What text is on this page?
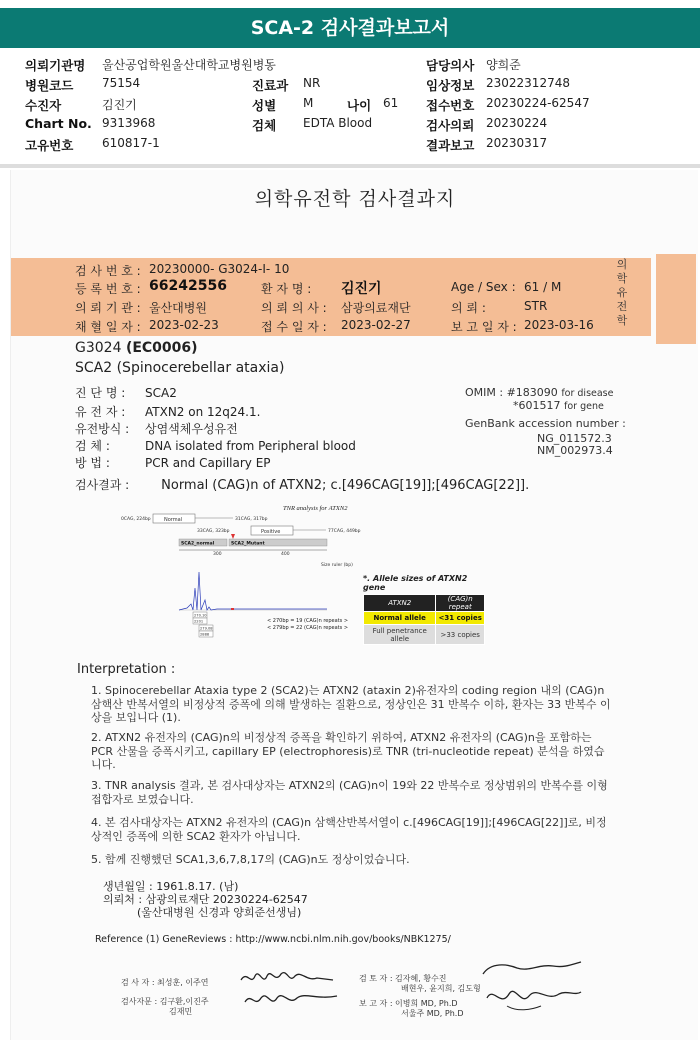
SCA-2 검사결과보고서
의뢰기관명 울산공업학원울산대학교병원병동	담당의사 양희준
병원코드 75154	진료과 NR	임상정보 23022312748
수진자	김진기	성별 M	나이 61 접수번호 20230224-62547
Chart No. 9313968	검체 EDTA Blood	검사의뢰 20230224
고유번호 610817-1	결과보고 20230317
의학유전학 검사결과지
검 사 번 호 : 20230000- G3024-I- 10
등 록 번 호 : 66242556	환 자 명 : 김진기	Age / Sex : 61 / M
의 뢰 기 관 : 울산대병원	의 뢰 의 사 : 삼광의료재단	의 뢰 :	STR
채 혈 일 자 : 2023-02-23	접 수 일 자 : 2023-02-27	보 고 일 자 : 2023-03-16
의
학
유
전
학
G3024 (EC0006)
SCA2 (Spinocerebellar ataxia)
진 단 명 : SCA2
유 전 자 : ATXN2 on 12q24.1.
유전방식 : 상염색체우성유전
검 체 :	DNA isolated from Peripheral blood
방 법 :	PCR and Capillary EP
OMIM : #183090 for disease
*601517 for gene
GenBank accession number :
NG_011572.3
NM_002973.4
검사결과 : Normal (CAG)n of ATXN2; c.[496CAG[19]];[496CAG[22]].
TNR analysis for ATXN2
0CAG, 224bp	Normal	31CAG, 317bp
33CAG, 323bp	Positive	77CAG, 449bp
SCA2_normal	SCA2_Mutant
300	400
Size ruler (bp)
270.10
2201
279.08
2888
< 270bp = 19 (CAG)n repeats >
< 279bp = 22 (CAG)n repeats >
*. Allele sizes of ATXN2 gene
ATXN2	(CAG)n repeat
Normal allele	<31 copies
Full penetrance allele	>33 copies
Interpretation :
1. Spinocerebellar Ataxia type 2 (SCA2)는 ATXN2 (ataxin 2)유전자의 coding region 내의 (CAG)n 삼핵산 반복서열의 비정상적 증폭에 의해 발생하는 질환으로, 정상인은 31 반복수 이하, 환자는 33 반복수 이상을 보입니다 (1).
2. ATXN2 유전자의 (CAG)n의 비정상적 증폭을 확인하기 위하여, ATXN2 유전자의 (CAG)n을 포함하는 PCR 산물을 증폭시키고, capillary EP (electrophoresis)로 TNR (tri-nucleotide repeat) 분석을 하였습니다.
3. TNR analysis 결과, 본 검사대상자는 ATXN2의 (CAG)n이 19와 22 반복수로 정상범위의 반복수를 이형접합자로 보였습니다.
4. 본 검사대상자는 ATXN2 유전자의 (CAG)n 삼핵산반복서열이 c.[496CAG[19]];[496CAG[22]]로, 비정상적인 증폭에 의한 SCA2 환자가 아닙니다.
5. 함께 진행했던 SCA1,3,6,7,8,17의 (CAG)n도 정상이었습니다.
생년월일 : 1961.8.17. (남)
의뢰처 : 삼광의료재단 20230224-62547
(울산대병원 신경과 양희준선생님)
Reference (1) GeneReviews : http://www.ncbi.nlm.nih.gov/books/NBK1275/
검 사 자 : 최성훈, 이주연
검사자문 : 김구환,이진주
김재민
검 토 자 : 김자혜, 황수진
배현우, 윤지희, 김도형
보 고 자 : 이병희 MD, Ph.D
서울주 MD, Ph.D
